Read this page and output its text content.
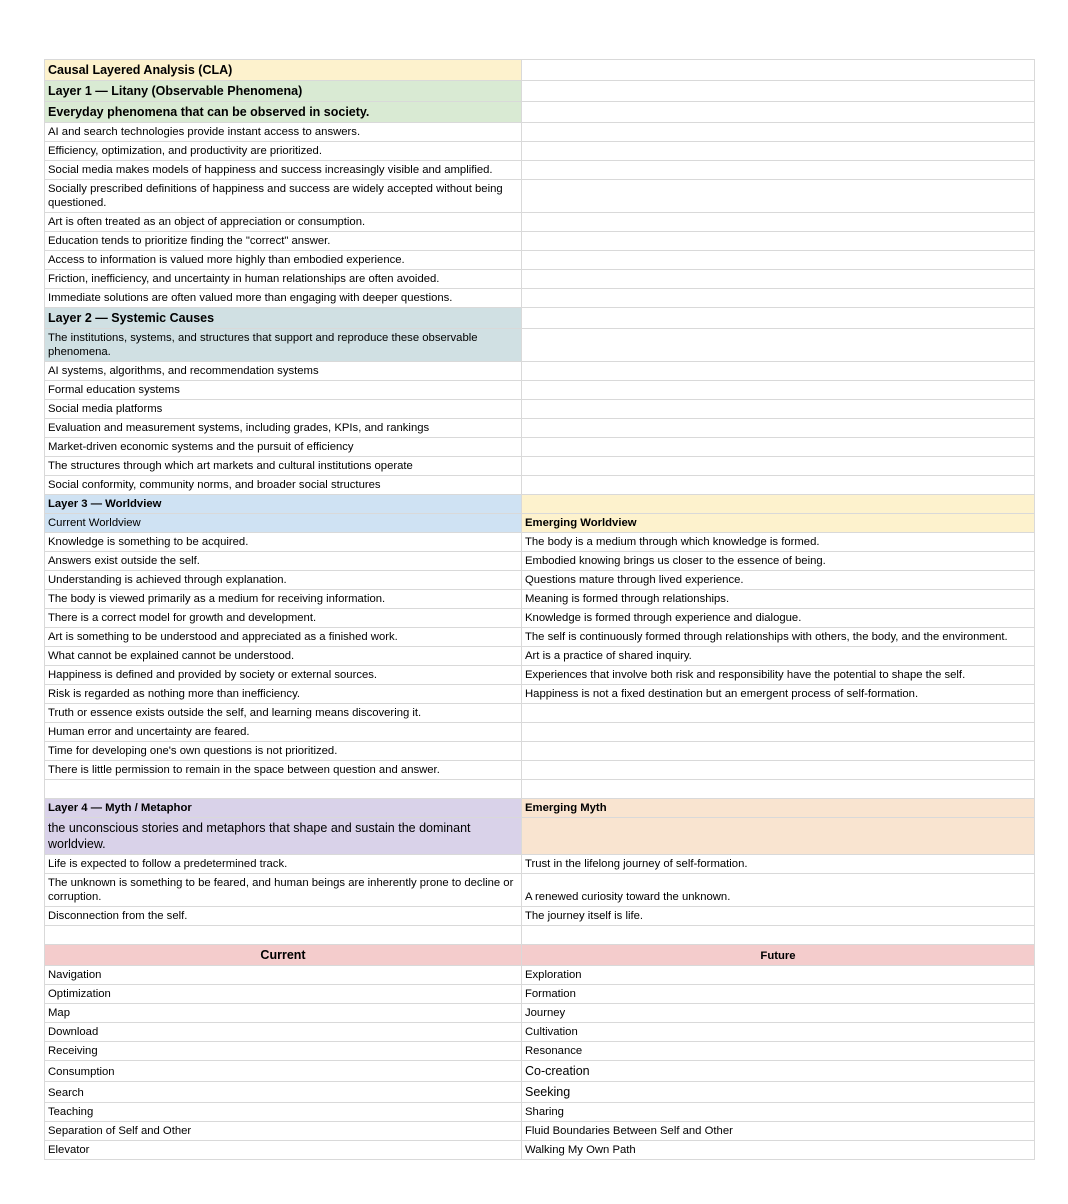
Causal Layered Analysis (CLA)	
Layer 1 — Litany (Observable Phenomena)	
Everyday phenomena that can be observed in society.	
AI and search technologies provide instant access to answers.	
Efficiency, optimization, and productivity are prioritized.	
Social media makes models of happiness and success increasingly visible and amplified.	
Socially prescribed definitions of happiness and success are widely accepted without being questioned.	
Art is often treated as an object of appreciation or consumption.	
Education tends to prioritize finding the "correct" answer.	
Access to information is valued more highly than embodied experience.	
Friction, inefficiency, and uncertainty in human relationships are often avoided.	
Immediate solutions are often valued more than engaging with deeper questions.	
Layer 2 — Systemic Causes	
The institutions, systems, and structures that support and reproduce these observable phenomena.	
AI systems, algorithms, and recommendation systems	
Formal education systems	
Social media platforms	
Evaluation and measurement systems, including grades, KPIs, and rankings	
Market-driven economic systems and the pursuit of efficiency	
The structures through which art markets and cultural institutions operate	
Social conformity, community norms, and broader social structures	
Layer 3 — Worldview	
Current Worldview	Emerging Worldview
Knowledge is something to be acquired.	The body is a medium through which knowledge is formed.
Answers exist outside the self.	Embodied knowing brings us closer to the essence of being.
Understanding is achieved through explanation.	Questions mature through lived experience.
The body is viewed primarily as a medium for receiving information.	Meaning is formed through relationships.
There is a correct model for growth and development.	Knowledge is formed through experience and dialogue.
Art is something to be understood and appreciated as a finished work.	The self is continuously formed through relationships with others, the body, and the environment.
What cannot be explained cannot be understood.	Art is a practice of shared inquiry.
Happiness is defined and provided by society or external sources.	Experiences that involve both risk and responsibility have the potential to shape the self.
Risk is regarded as nothing more than inefficiency.	Happiness is not a fixed destination but an emergent process of self-formation.
Truth or essence exists outside the self, and learning means discovering it.	
Human error and uncertainty are feared.	
Time for developing one's own questions is not prioritized.	
There is little permission to remain in the space between question and answer.	

Layer 4 — Myth / Metaphor	Emerging Myth
the unconscious stories and metaphors that shape and sustain the dominant worldview.	
Life is expected to follow a predetermined track.	Trust in the lifelong journey of self-formation.
The unknown is something to be feared, and human beings are inherently prone to decline or corruption.	A renewed curiosity toward the unknown.
Disconnection from the self.	The journey itself is life.

Current	Future
Navigation	Exploration
Optimization	Formation
Map	Journey
Download	Cultivation
Receiving	Resonance
Consumption	Co-creation
Search	Seeking
Teaching	Sharing
Separation of Self and Other	Fluid Boundaries Between Self and Other
Elevator	Walking My Own Path
